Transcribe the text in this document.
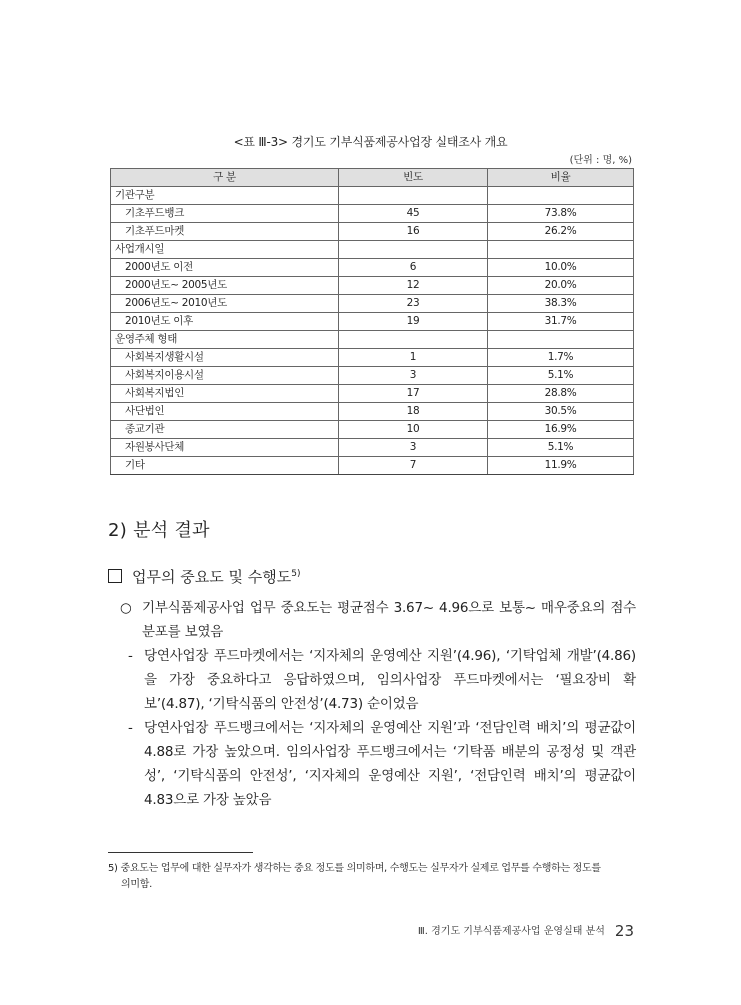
<표 Ⅲ-3> 경기도 기부식품제공사업장 실태조사 개요
(단위 : 명, %)
구 분	빈도	비율
기관구분		
기초푸드뱅크	45	73.8%
기초푸드마켓	16	26.2%
사업개시일		
2000년도 이전	6	10.0%
2000년도~ 2005년도	12	20.0%
2006년도~ 2010년도	23	38.3%
2010년도 이후	19	31.7%
운영주체 형태		
사회복지생활시설	1	1.7%
사회복지이용시설	3	5.1%
사회복지법인	17	28.8%
사단법인	18	30.5%
종교기관	10	16.9%
자원봉사단체	3	5.1%
기타	7	11.9%
2) 분석 결과
업무의 중요도 및 수행도$^{5)}$
○ 기부식품제공사업 업무 중요도는 평균점수 3.67~ 4.96으로 보통~ 매우중요의 점수분포를 보였음
- 당연사업장 푸드마켓에서는 ‘지자체의 운영예산 지원’(4.96), ‘기탁업체 개발’(4.86)을 가장 중요하다고 응답하였으며, 임의사업장 푸드마켓에서는 ‘필요장비 확보’(4.87), ‘기탁식품의 안전성’(4.73) 순이었음
- 당연사업장 푸드뱅크에서는 ‘지자체의 운영예산 지원’과 ‘전담인력 배치’의 평균값이 4.88로 가장 높았으며. 임의사업장 푸드뱅크에서는 ‘기탁품 배분의 공정성 및 객관성’, ‘기탁식품의 안전성’, ‘지자체의 운영예산 지원’, ‘전담인력 배치’의 평균값이 4.83으로 가장 높았음
5) 중요도는 업무에 대한 실무자가 생각하는 중요 정도를 의미하며, 수행도는 실무자가 실제로 업무를 수행하는 정도를
의미함.
Ⅲ. 경기도 기부식품제공사업 운영실태 분석 23
